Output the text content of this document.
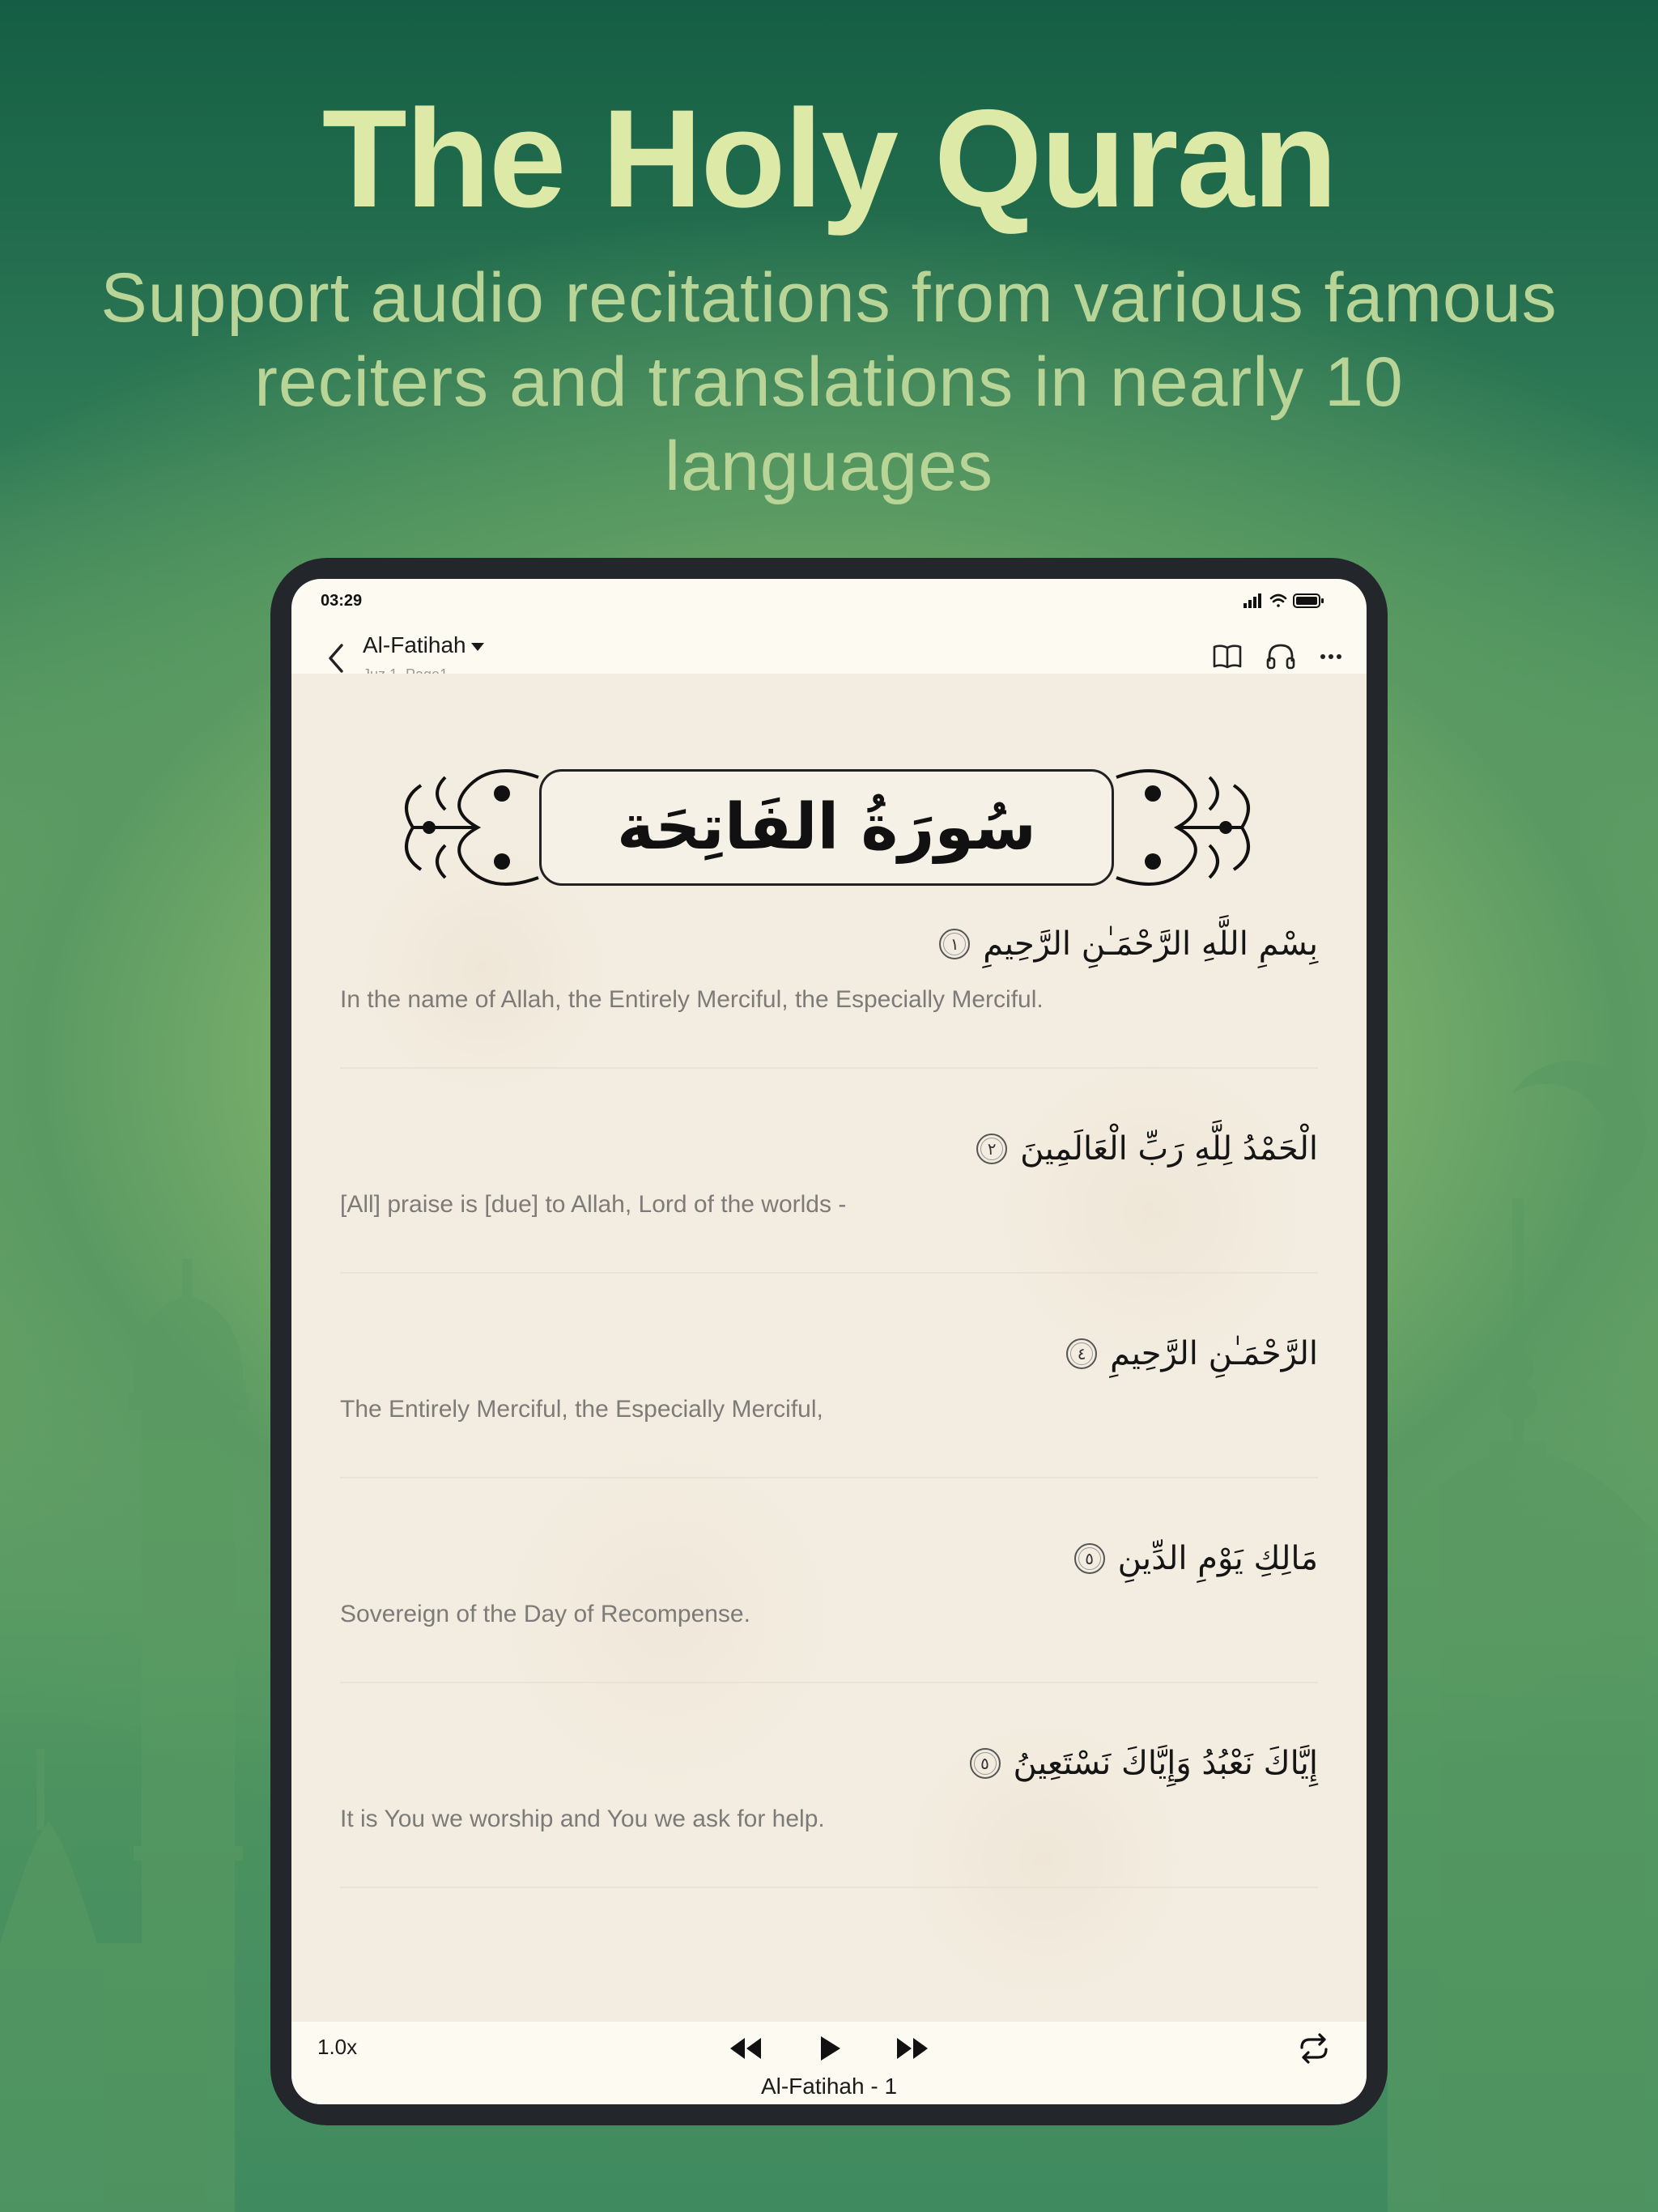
The Holy Quran
Support audio recitations from various famous reciters and translations in nearly 10 languages
03:29
Al-Fatihah
سُورَةُ الفَاتِحَة
بِسْمِ اللَّهِ الرَّحْمَـٰنِ الرَّحِيمِ
١
In the name of Allah, the Entirely Merciful, the Especially Merciful.
الْحَمْدُ لِلَّهِ رَبِّ الْعَالَمِينَ
٢
[All] praise is [due] to Allah, Lord of the worlds -
الرَّحْمَـٰنِ الرَّحِيمِ
٤
The Entirely Merciful, the Especially Merciful,
مَالِكِ يَوْمِ الدِّينِ
٥
Sovereign of the Day of Recompense.
إِيَّاكَ نَعْبُدُ وَإِيَّاكَ نَسْتَعِينُ
٥
It is You we worship and You we ask for help.
1.0x
Al-Fatihah - 1
